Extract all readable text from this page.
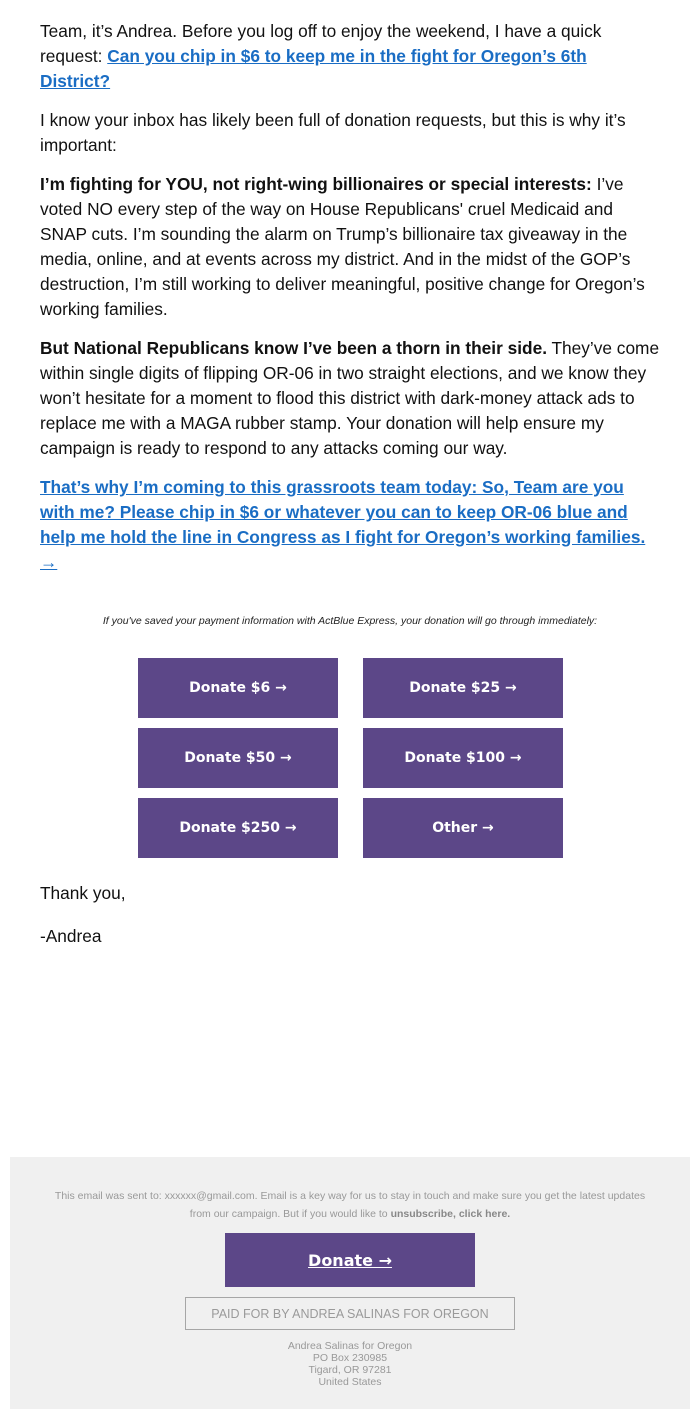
Team, it’s Andrea. Before you log off to enjoy the weekend, I have a quick request: Can you chip in $6 to keep me in the fight for Oregon’s 6th District?

I know your inbox has likely been full of donation requests, but this is why it’s important:

I’m fighting for YOU, not right-wing billionaires or special interests: I’ve voted NO every step of the way on House Republicans' cruel Medicaid and SNAP cuts. I’m sounding the alarm on Trump’s billionaire tax giveaway in the media, online, and at events across my district. And in the midst of the GOP’s destruction, I’m still working to deliver meaningful, positive change for Oregon’s working families.

But National Republicans know I’ve been a thorn in their side. They’ve come within single digits of flipping OR-06 in two straight elections, and we know they won’t hesitate for a moment to flood this district with dark-money attack ads to replace me with a MAGA rubber stamp. Your donation will help ensure my campaign is ready to respond to any attacks coming our way.

That’s why I’m coming to this grassroots team today: So, Team are you with me? Please chip in $6 or whatever you can to keep OR-06 blue and help me hold the line in Congress as I fight for Oregon’s working families. →

If you've saved your payment information with ActBlue Express, your donation will go through immediately:
Donate $6 →	Donate $25 →
Donate $50 →	Donate $100 →
Donate $250 →	Other →
Thank you,
-Andrea
This email was sent to: xxxxxx@gmail.com. Email is a key way for us to stay in touch and make sure you get the latest updates from our campaign. But if you would like to unsubscribe, click here.
Donate →
PAID FOR BY ANDREA SALINAS FOR OREGON
Andrea Salinas for Oregon
PO Box 230985
Tigard, OR 97281
United States
